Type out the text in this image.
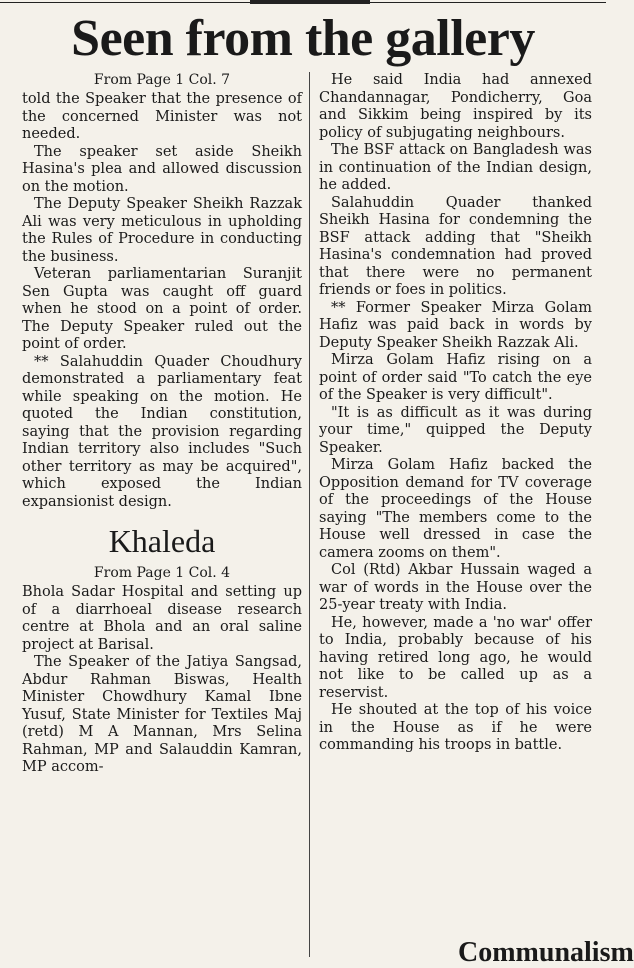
Seen from the gallery
From Page 1 Col. 7

told the Speaker that the presence of the concerned Minister was not needed.

The speaker set aside Sheikh Hasina's plea and allowed discussion on the motion.

The Deputy Speaker Sheikh Razzak Ali was very meticulous in upholding the Rules of Procedure in conducting the business.

Veteran parliamentarian Suranjit Sen Gupta was caught off guard when he stood on a point of order. The Deputy Speaker ruled out the point of order.

** Salahuddin Quader Choudhury demonstrated a parliamentary feat while speaking on the motion. He quoted the Indian constitution, saying that the provision regarding Indian territory also includes "Such other territory as may be acquired", which exposed the Indian expansionist design.

Khaleda
From Page 1 Col. 4

Bhola Sadar Hospital and setting up of a diarrhoeal disease research centre at Bhola and an oral saline project at Barisal.

The Speaker of the Jatiya Sangsad, Abdur Rahman Biswas, Health Minister Chowdhury Kamal Ibne Yusuf, State Minister for Textiles Maj (retd) M A Mannan, Mrs Selina Rahman, MP and Salauddin Kamran, MP accom-

He said India had annexed Chandannagar, Pondicherry, Goa and Sikkim being inspired by its policy of subjugating neighbours.

The BSF attack on Bangladesh was in continuation of the Indian design, he added.

Salahuddin Quader thanked Sheikh Hasina for condemning the BSF attack adding that "Sheikh Hasina's condemnation had proved that there were no permanent friends or foes in politics.

** Former Speaker Mirza Golam Hafiz was paid back in words by Deputy Speaker Sheikh Razzak Ali.

Mirza Golam Hafiz rising on a point of order said "To catch the eye of the Speaker is very difficult".

"It is as difficult as it was during your time," quipped the Deputy Speaker.

Mirza Golam Hafiz backed the Opposition demand for TV coverage of the proceedings of the House saying "The members come to the House well dressed in case the camera zooms on them".

Col (Rtd) Akbar Hussain waged a war of words in the House over the 25-year treaty with India.

He, however, made a 'no war' offer to India, probably because of his having retired long ago, he would not like to be called up as a reservist.

He shouted at the top of his voice in the House as if he were commanding his troops in battle.

Communalism
